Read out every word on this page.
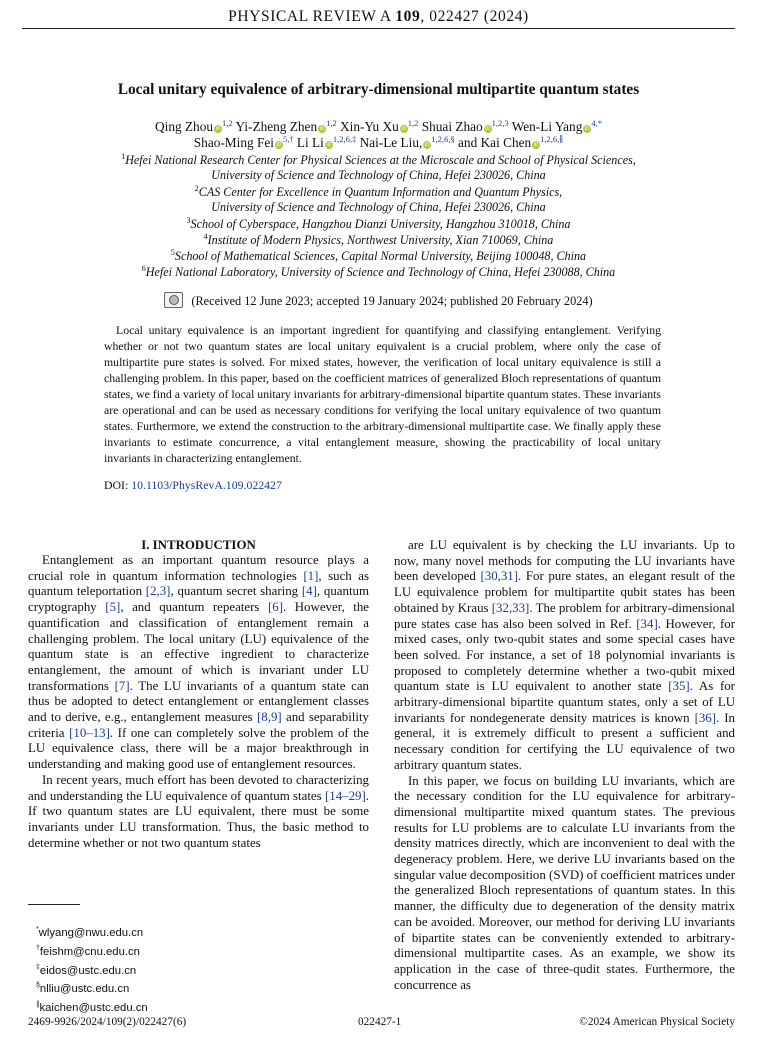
PHYSICAL REVIEW A 109, 022427 (2024)
Local unitary equivalence of arbitrary-dimensional multipartite quantum states
Qing Zhou iD$^{1,2}$ Yi-Zheng Zhen iD$^{1,2}$ Xin-Yu Xu iD$^{1,2}$ Shuai Zhao iD$^{1,2,3}$ Wen-Li Yang iD$^{4,*}$
Shao-Ming Fei iD$^{5,\dagger}$ Li Li iD$^{1,2,6,\ddagger}$ Nai-Le Liu, iD$^{1,2,6,\S}$ and Kai Chen iD$^{1,2,6,\parallel}$
$^1$Hefei National Research Center for Physical Sciences at the Microscale and School of Physical Sciences,
University of Science and Technology of China, Hefei 230026, China
$^2$CAS Center for Excellence in Quantum Information and Quantum Physics,
University of Science and Technology of China, Hefei 230026, China
$^3$School of Cyberspace, Hangzhou Dianzi University, Hangzhou 310018, China
$^4$Institute of Modern Physics, Northwest University, Xian 710069, China
$^5$School of Mathematical Sciences, Capital Normal University, Beijing 100048, China
$^6$Hefei National Laboratory, University of Science and Technology of China, Hefei 230088, China
(Received 12 June 2023; accepted 19 January 2024; published 20 February 2024)
Local unitary equivalence is an important ingredient for quantifying and classifying entanglement. Verifying whether or not two quantum states are local unitary equivalent is a crucial problem, where only the case of multipartite pure states is solved. For mixed states, however, the verification of local unitary equivalence is still a challenging problem. In this paper, based on the coefficient matrices of generalized Bloch representations of quantum states, we find a variety of local unitary invariants for arbitrary-dimensional bipartite quantum states. These invariants are operational and can be used as necessary conditions for verifying the local unitary equivalence of two quantum states. Furthermore, we extend the construction to the arbitrary-dimensional multipartite case. We finally apply these invariants to estimate concurrence, a vital entanglement measure, showing the practicability of local unitary invariants in characterizing entanglement.
DOI: 10.1103/PhysRevA.109.022427
I. INTRODUCTION

Entanglement as an important quantum resource plays a crucial role in quantum information technologies [1], such as quantum teleportation [2,3], quantum secret sharing [4], quantum cryptography [5], and quantum repeaters [6]. However, the quantification and classification of entanglement remain a challenging problem. The local unitary (LU) equivalence of the quantum state is an effective ingredient to characterize entanglement, the amount of which is invariant under LU transformations [7]. The LU invariants of a quantum state can thus be adopted to detect entanglement or entanglement classes and to derive, e.g., entanglement measures [8,9] and separability criteria [10–13]. If one can completely solve the problem of the LU equivalence class, there will be a major breakthrough in understanding and making good use of entanglement resources.

In recent years, much effort has been devoted to characterizing and understanding the LU equivalence of quantum states [14–29]. If two quantum states are LU equivalent, there must be some invariants under LU transformation. Thus, the basic method to determine whether or not two quantum states

are LU equivalent is by checking the LU invariants. Up to now, many novel methods for computing the LU invariants have been developed [30,31]. For pure states, an elegant result of the LU equivalence problem for multipartite qubit states has been obtained by Kraus [32,33]. The problem for arbitrary-dimensional pure states case has also been solved in Ref. [34]. However, for mixed cases, only two-qubit states and some special cases have been solved. For instance, a set of 18 polynomial invariants is proposed to completely determine whether a two-qubit mixed quantum state is LU equivalent to another state [35]. As for arbitrary-dimensional bipartite quantum states, only a set of LU invariants for nondegenerate density matrices is known [36]. In general, it is extremely difficult to present a sufficient and necessary condition for certifying the LU equivalence of two arbitrary quantum states.

In this paper, we focus on building LU invariants, which are the necessary condition for the LU equivalence for arbitrary-dimensional multipartite mixed quantum states. The previous results for LU problems are to calculate LU invariants from the density matrices directly, which are inconvenient to deal with the degeneracy problem. Here, we derive LU invariants based on the singular value decomposition (SVD) of coefficient matrices under the generalized Bloch representations of quantum states. In this manner, the difficulty due to degeneration of the density matrix can be avoided. Moreover, our method for deriving LU invariants of bipartite states can be conveniently extended to arbitrary-dimensional multipartite cases. As an example, we show its application in the case of three-qudit states. Furthermore, the concurrence as

*wlyang@nwu.edu.cn
†feishm@cnu.edu.cn
‡eidos@ustc.edu.cn
§nlliu@ustc.edu.cn
∥kaichen@ustc.edu.cn
2469-9926/2024/109(2)/022427(6)	022427-1	©2024 American Physical Society
